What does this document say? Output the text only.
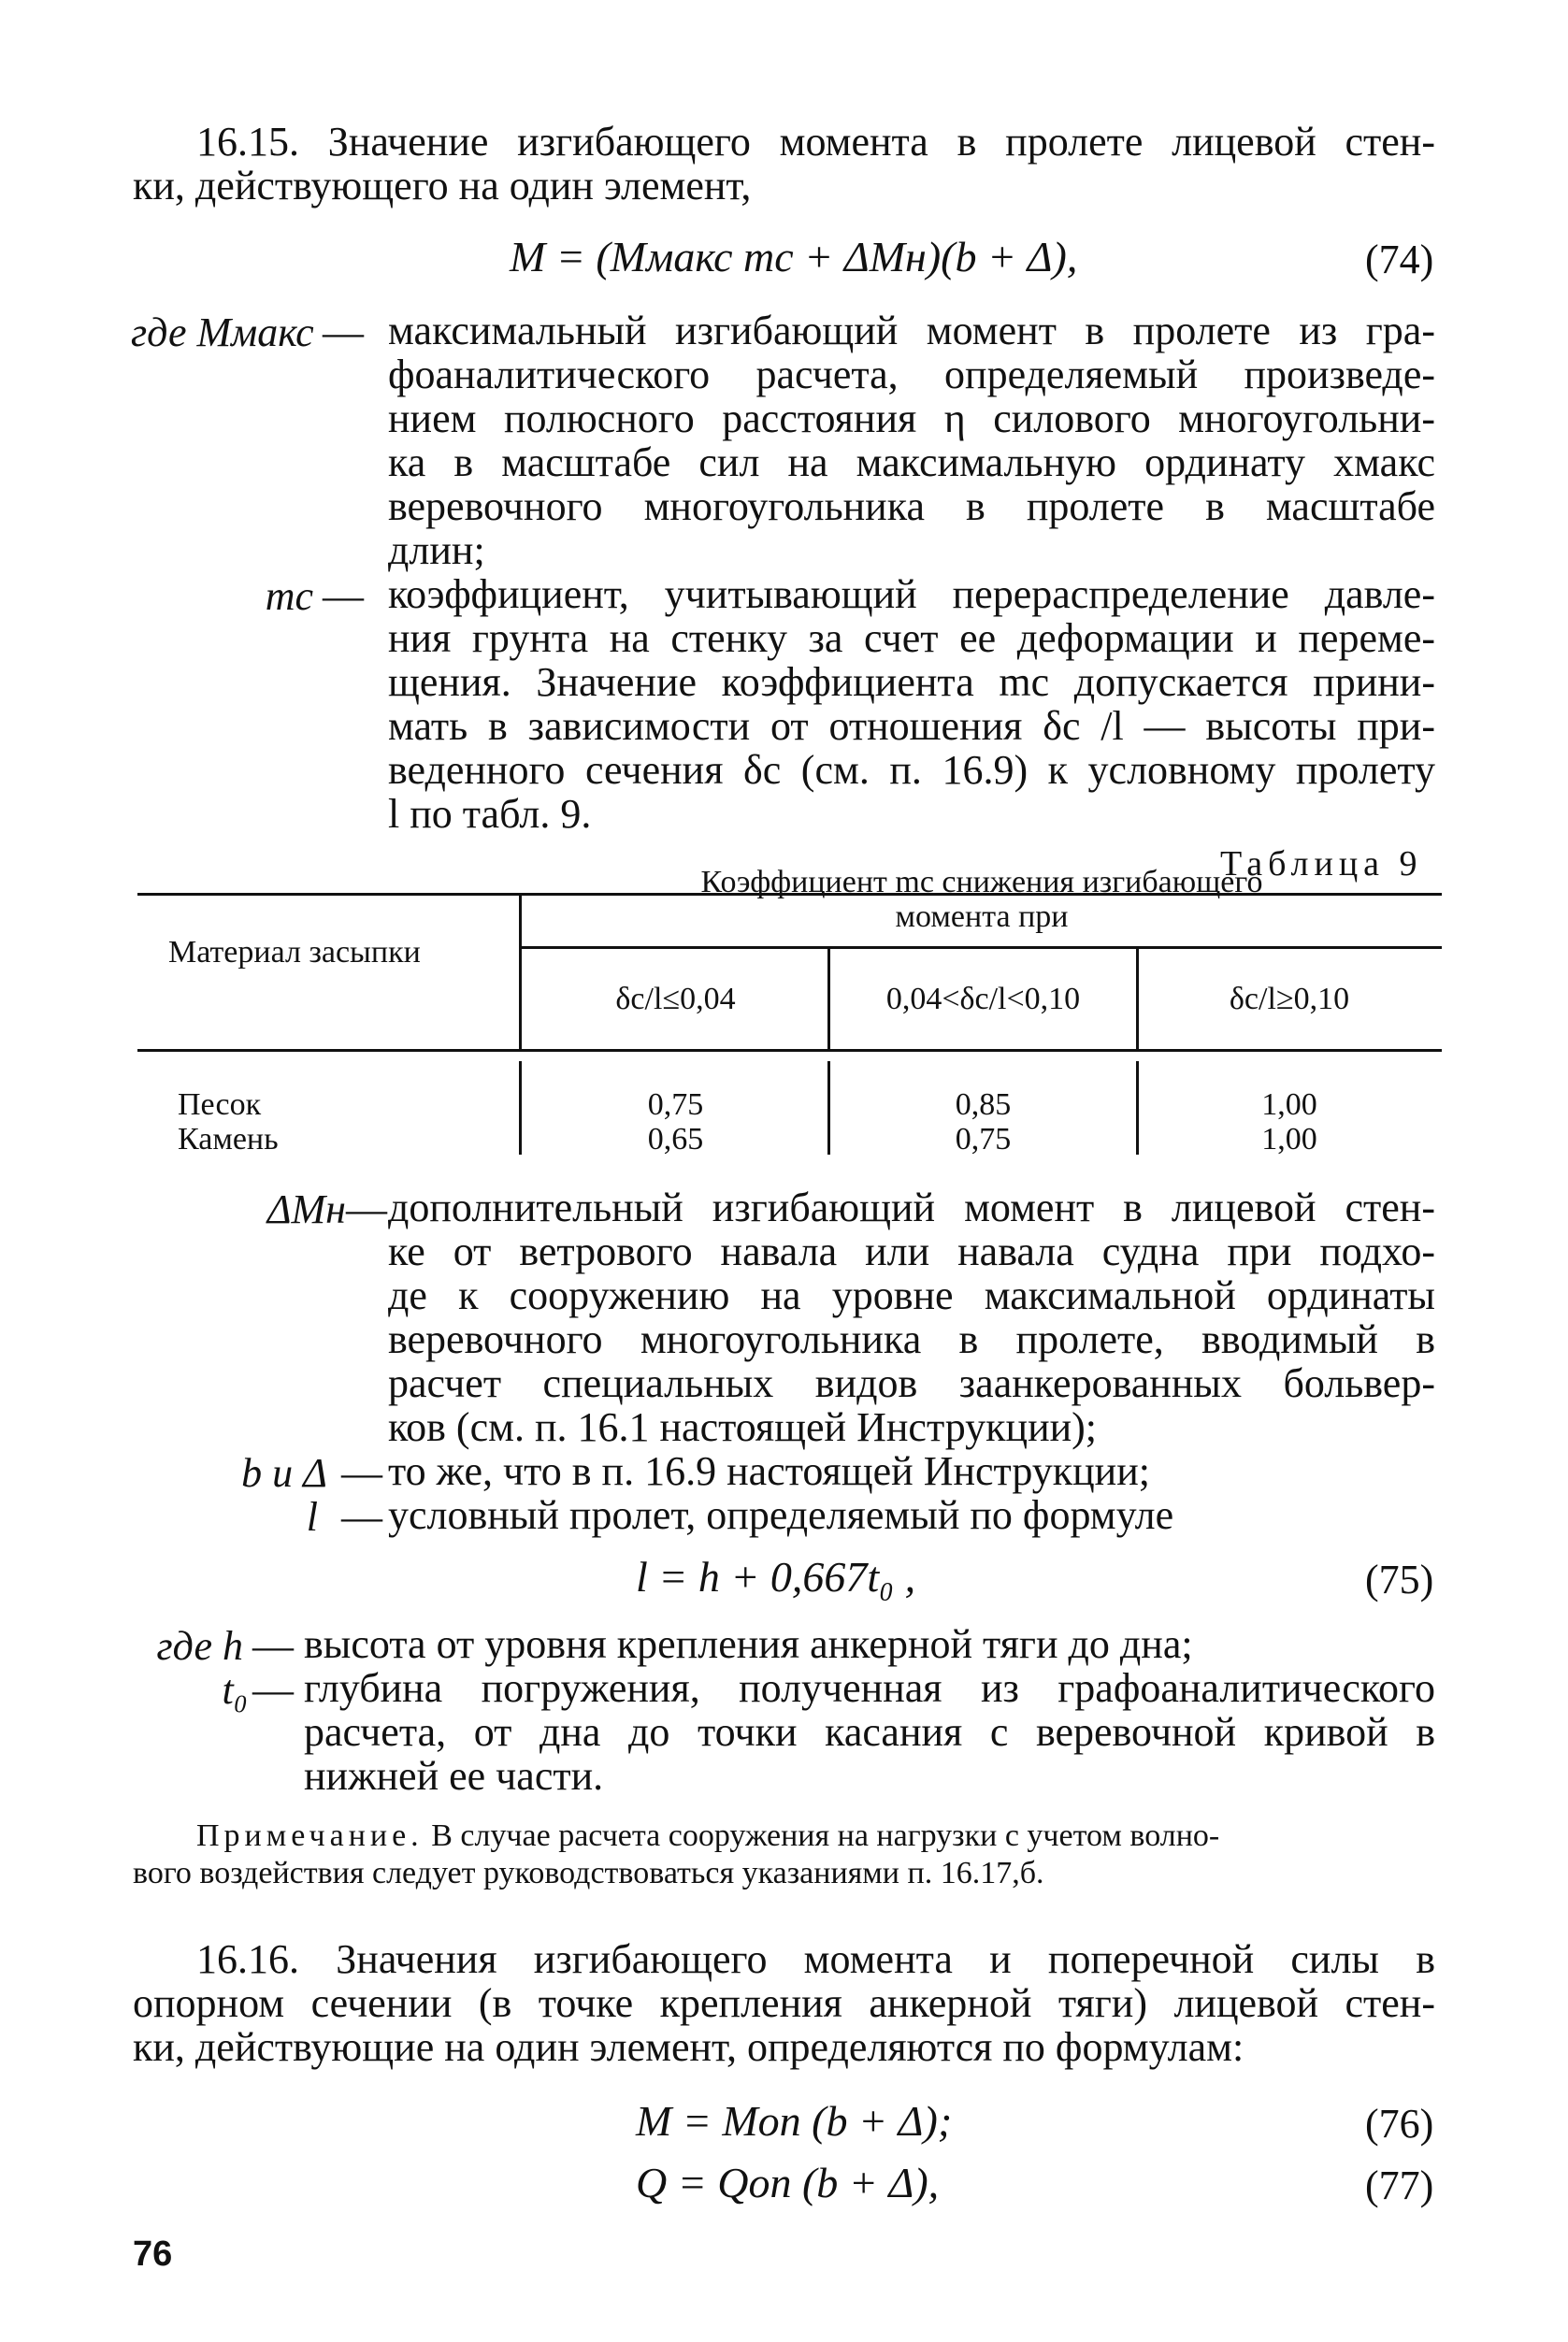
16.15. Значение изгибающего момента в пролете лицевой стен-
ки, действующего на один элемент,
M = (Mмакс mс + ΔMн)(b + Δ),	(74)
где Mмакс — максимальный изгибающий момент в пролете из гра-
фоаналитического расчета, определяемый произведе-
нием полюсного расстояния η силового многоугольни-
ка в масштабе сил на максимальную ординату xмакс
веревочного многоугольника в пролете в масштабе
длин;
mс — коэффициент, учитывающий перераспределение давле-
ния грунта на стенку за счет ее деформации и переме-
щения. Значение коэффициента mс допускается прини-
мать в зависимости от отношения δс /l — высоты при-
веденного сечения δс (см. п. 16.9) к условному пролету
l по табл. 9.
Таблица 9
Материал засыпки
Коэффициент mс снижения изгибающего
момента при
δс/l≤0,04	0,04<δс/l<0,10	δс/l≥0,10
Песок	0,75	0,85	1,00
Камень	0,65	0,75	1,00
ΔMн — дополнительный изгибающий момент в лицевой стен-
ке от ветрового навала или навала судна при подхо-
де к сооружению на уровне максимальной ординаты
веревочного многоугольника в пролете, вводимый в
расчет специальных видов заанкерованных больвер-
ков (см. п. 16.1 настоящей Инструкции);
b и Δ — то же, что в п. 16.9 настоящей Инструкции;
l — условный пролет, определяемый по формуле
l = h + 0,667t₀ ,	(75)
где h — высота от уровня крепления анкерной тяги до дна;
t₀ — глубина погружения, полученная из графоаналитического
расчета, от дна до точки касания с веревочной кривой в
нижней ее части.
Примечание. В случае расчета сооружения на нагрузки с учетом волно-
вого воздействия следует руководствоваться указаниями п. 16.17,б.
16.16. Значения изгибающего момента и поперечной силы в
опорном сечении (в точке крепления анкерной тяги) лицевой стен-
ки, действующие на один элемент, определяются по формулам:
M = Mоп (b + Δ);	(76)
Q = Qоп (b + Δ),	(77)
76
